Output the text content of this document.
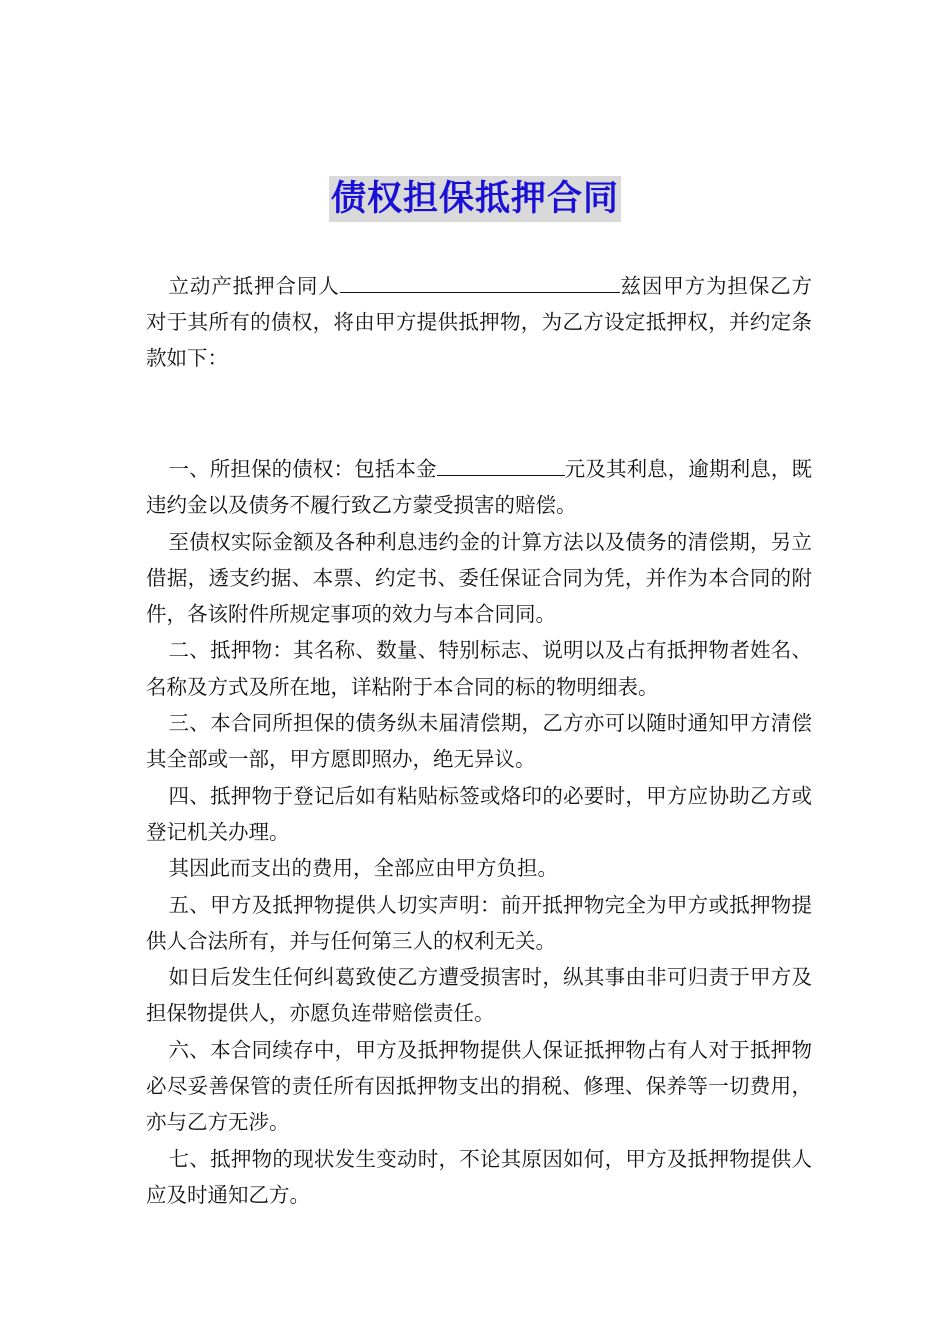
债权担保抵押合同

立动产抵押合同人	兹因甲方为担保乙方对于其所有的债权，将由甲方提供抵押物，为乙方设定抵押权，并约定条款如下：

一、所担保的债权：包括本金	元及其利息，逾期利息，既违约金以及债务不履行致乙方蒙受损害的赔偿。

至债权实际金额及各种利息违约金的计算方法以及债务的清偿期，另立借据，透支约据、本票、约定书、委任保证合同为凭，并作为本合同的附件，各该附件所规定事项的效力与本合同同。

二、抵押物：其名称、数量、特别标志、说明以及占有抵押物者姓名、名称及方式及所在地，详粘附于本合同的标的物明细表。

三、本合同所担保的债务纵未届清偿期，乙方亦可以随时通知甲方清偿其全部或一部，甲方愿即照办，绝无异议。

四、抵押物于登记后如有粘贴标签或烙印的必要时，甲方应协助乙方或登记机关办理。

其因此而支出的费用，全部应由甲方负担。

五、甲方及抵押物提供人切实声明：前开抵押物完全为甲方或抵押物提供人合法所有，并与任何第三人的权利无关。

如日后发生任何纠葛致使乙方遭受损害时，纵其事由非可归责于甲方及担保物提供人，亦愿负连带赔偿责任。

六、本合同续存中，甲方及抵押物提供人保证抵押物占有人对于抵押物必尽妥善保管的责任所有因抵押物支出的捐税、修理、保养等一切费用，亦与乙方无涉。

七、抵押物的现状发生变动时，不论其原因如何，甲方及抵押物提供人应及时通知乙方。
